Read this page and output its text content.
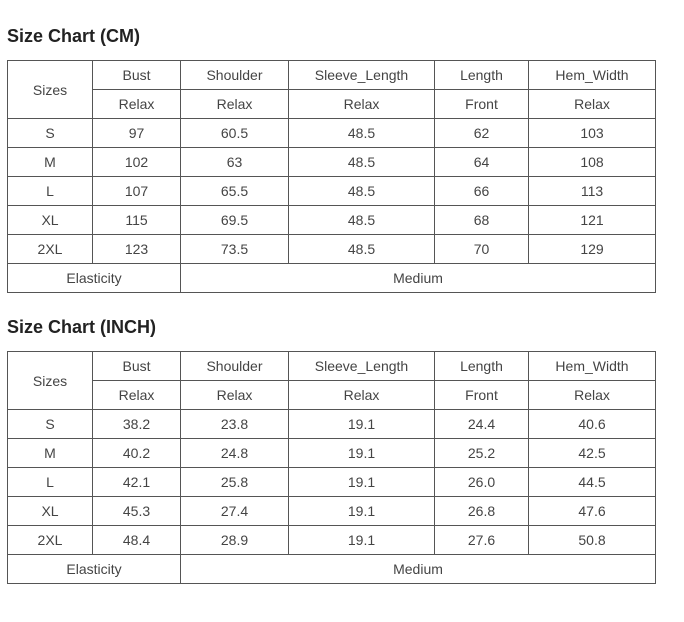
Size Chart (CM)
Sizes	Bust	Shoulder	Sleeve_Length	Length	Hem_Width
	Relax	Relax	Relax	Front	Relax
S	97	60.5	48.5	62	103
M	102	63	48.5	64	108
L	107	65.5	48.5	66	113
XL	115	69.5	48.5	68	121
2XL	123	73.5	48.5	70	129
Elasticity		Medium			
Size Chart (INCH)
Sizes	Bust	Shoulder	Sleeve_Length	Length	Hem_Width
	Relax	Relax	Relax	Front	Relax
S	38.2	23.8	19.1	24.4	40.6
M	40.2	24.8	19.1	25.2	42.5
L	42.1	25.8	19.1	26.0	44.5
XL	45.3	27.4	19.1	26.8	47.6
2XL	48.4	28.9	19.1	27.6	50.8
Elasticity		Medium			
